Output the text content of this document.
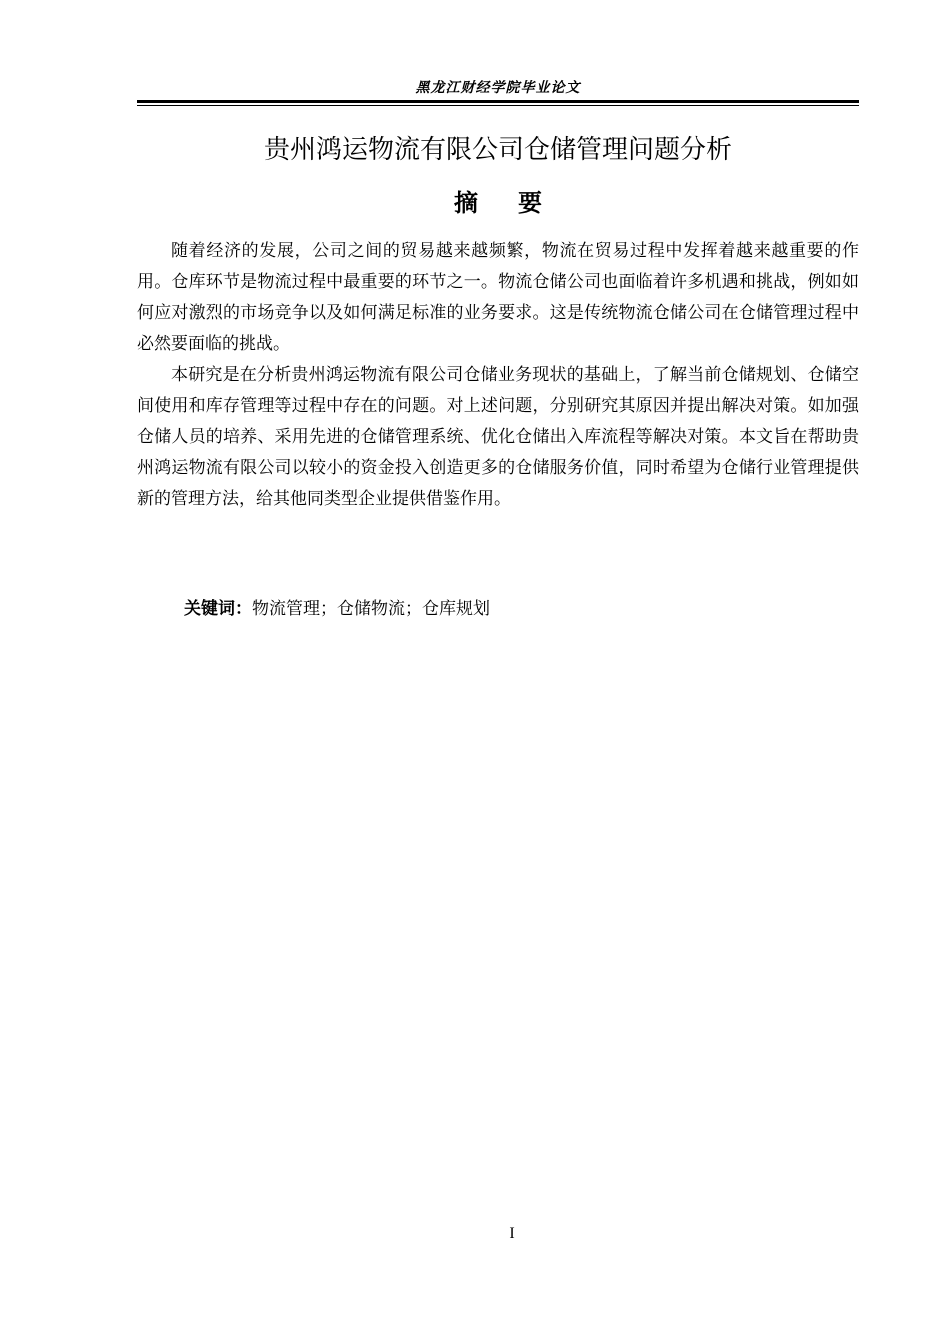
黑龙江财经学院毕业论文
贵州鸿运物流有限公司仓储管理问题分析
摘要

随着经济的发展，公司之间的贸易越来越频繁，物流在贸易过程中发挥着越来越重要的作用。仓库环节是物流过程中最重要的环节之一。物流仓储公司也面临着许多机遇和挑战，例如如何应对激烈的市场竞争以及如何满足标准的业务要求。这是传统物流仓储公司在仓储管理过程中必然要面临的挑战。

本研究是在分析贵州鸿运物流有限公司仓储业务现状的基础上，了解当前仓储规划、仓储空间使用和库存管理等过程中存在的问题。对上述问题，分别研究其原因并提出解决对策。如加强仓储人员的培养、采用先进的仓储管理系统、优化仓储出入库流程等解决对策。本文旨在帮助贵州鸿运物流有限公司以较小的资金投入创造更多的仓储服务价值，同时希望为仓储行业管理提供新的管理方法，给其他同类型企业提供借鉴作用。

关键词：物流管理；仓储物流；仓库规划
I
